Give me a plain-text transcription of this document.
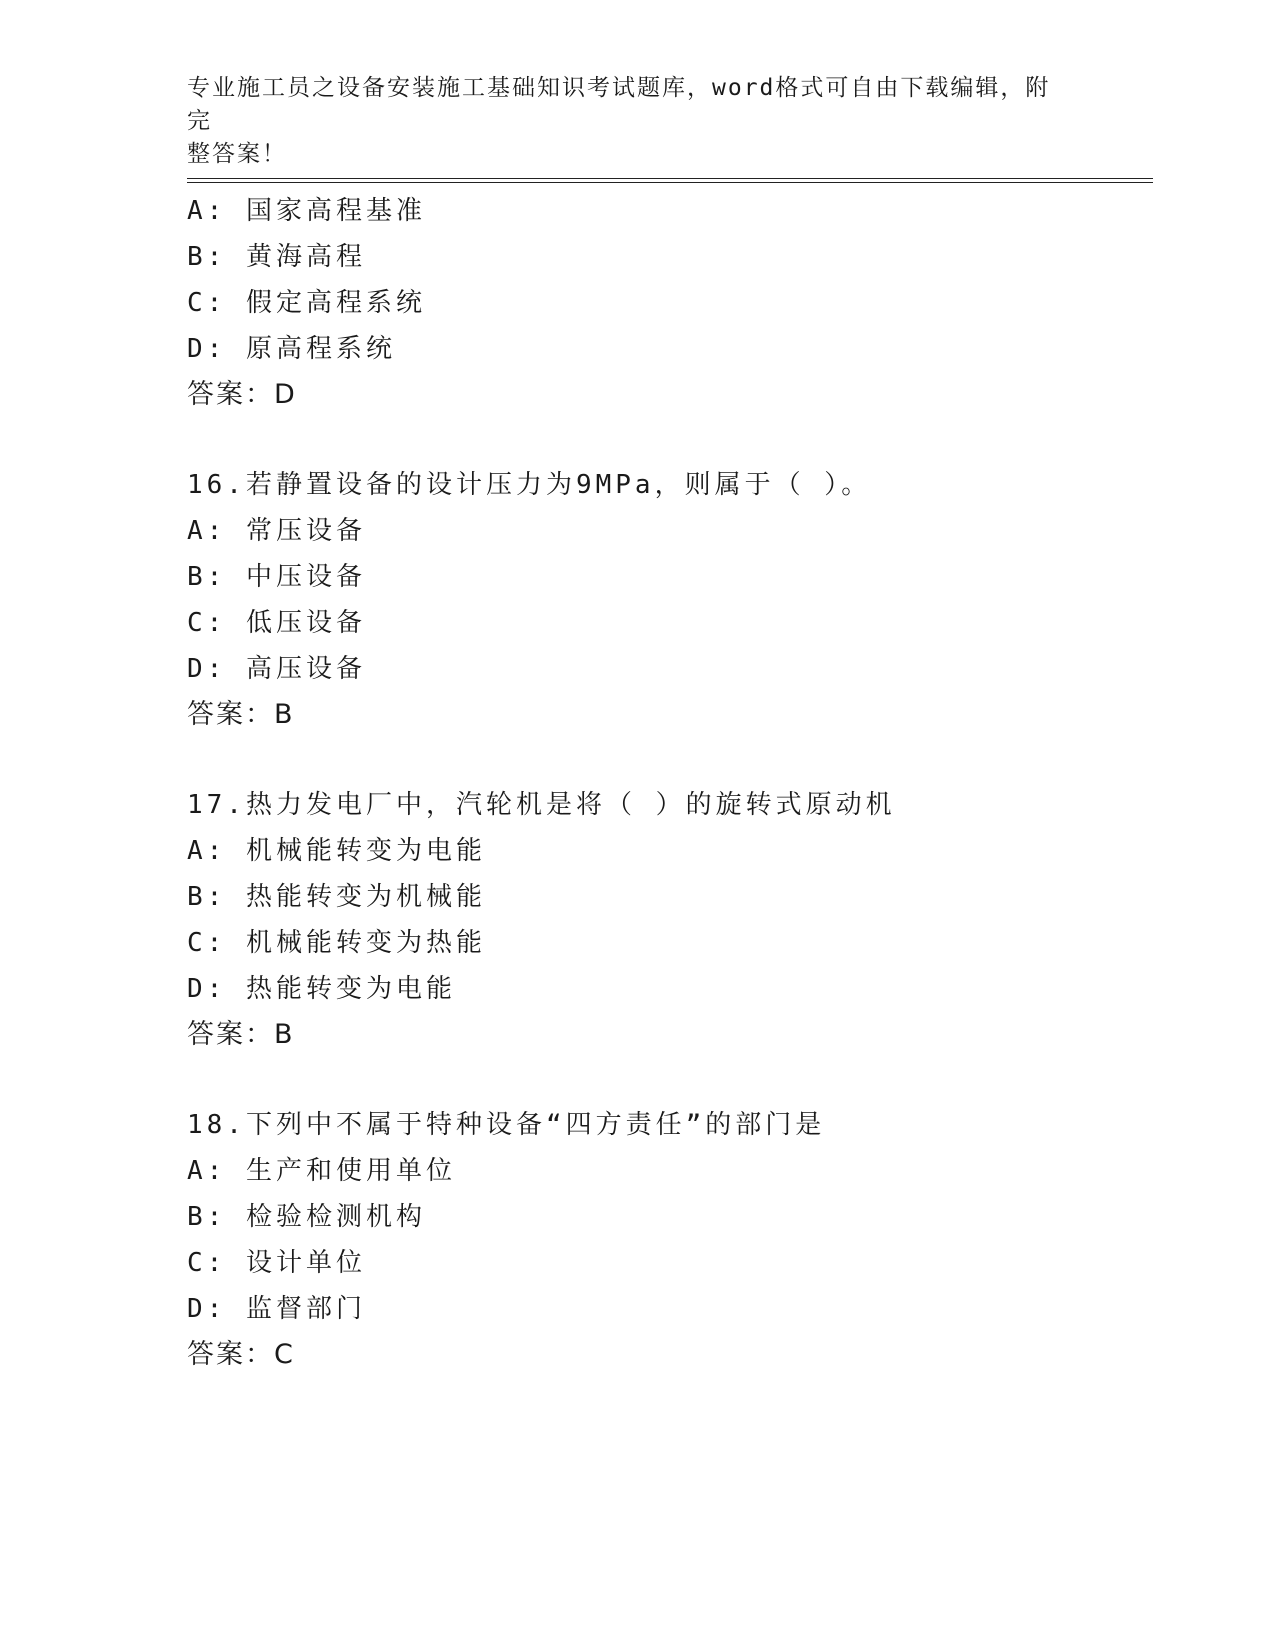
专业施工员之设备安装施工基础知识考试题库，word格式可自由下载编辑，附完
整答案！
A: 国家高程基准
B: 黄海高程
C: 假定高程系统
D: 原高程系统
答案：D
16.若静置设备的设计压力为9MPa，则属于（ ）。
A: 常压设备
B: 中压设备
C: 低压设备
D: 高压设备
答案：B
17.热力发电厂中，汽轮机是将（ ）的旋转式原动机
A: 机械能转变为电能
B: 热能转变为机械能
C: 机械能转变为热能
D: 热能转变为电能
答案：B
18.下列中不属于特种设备“四方责任”的部门是
A: 生产和使用单位
B: 检验检测机构
C: 设计单位
D: 监督部门
答案：C
